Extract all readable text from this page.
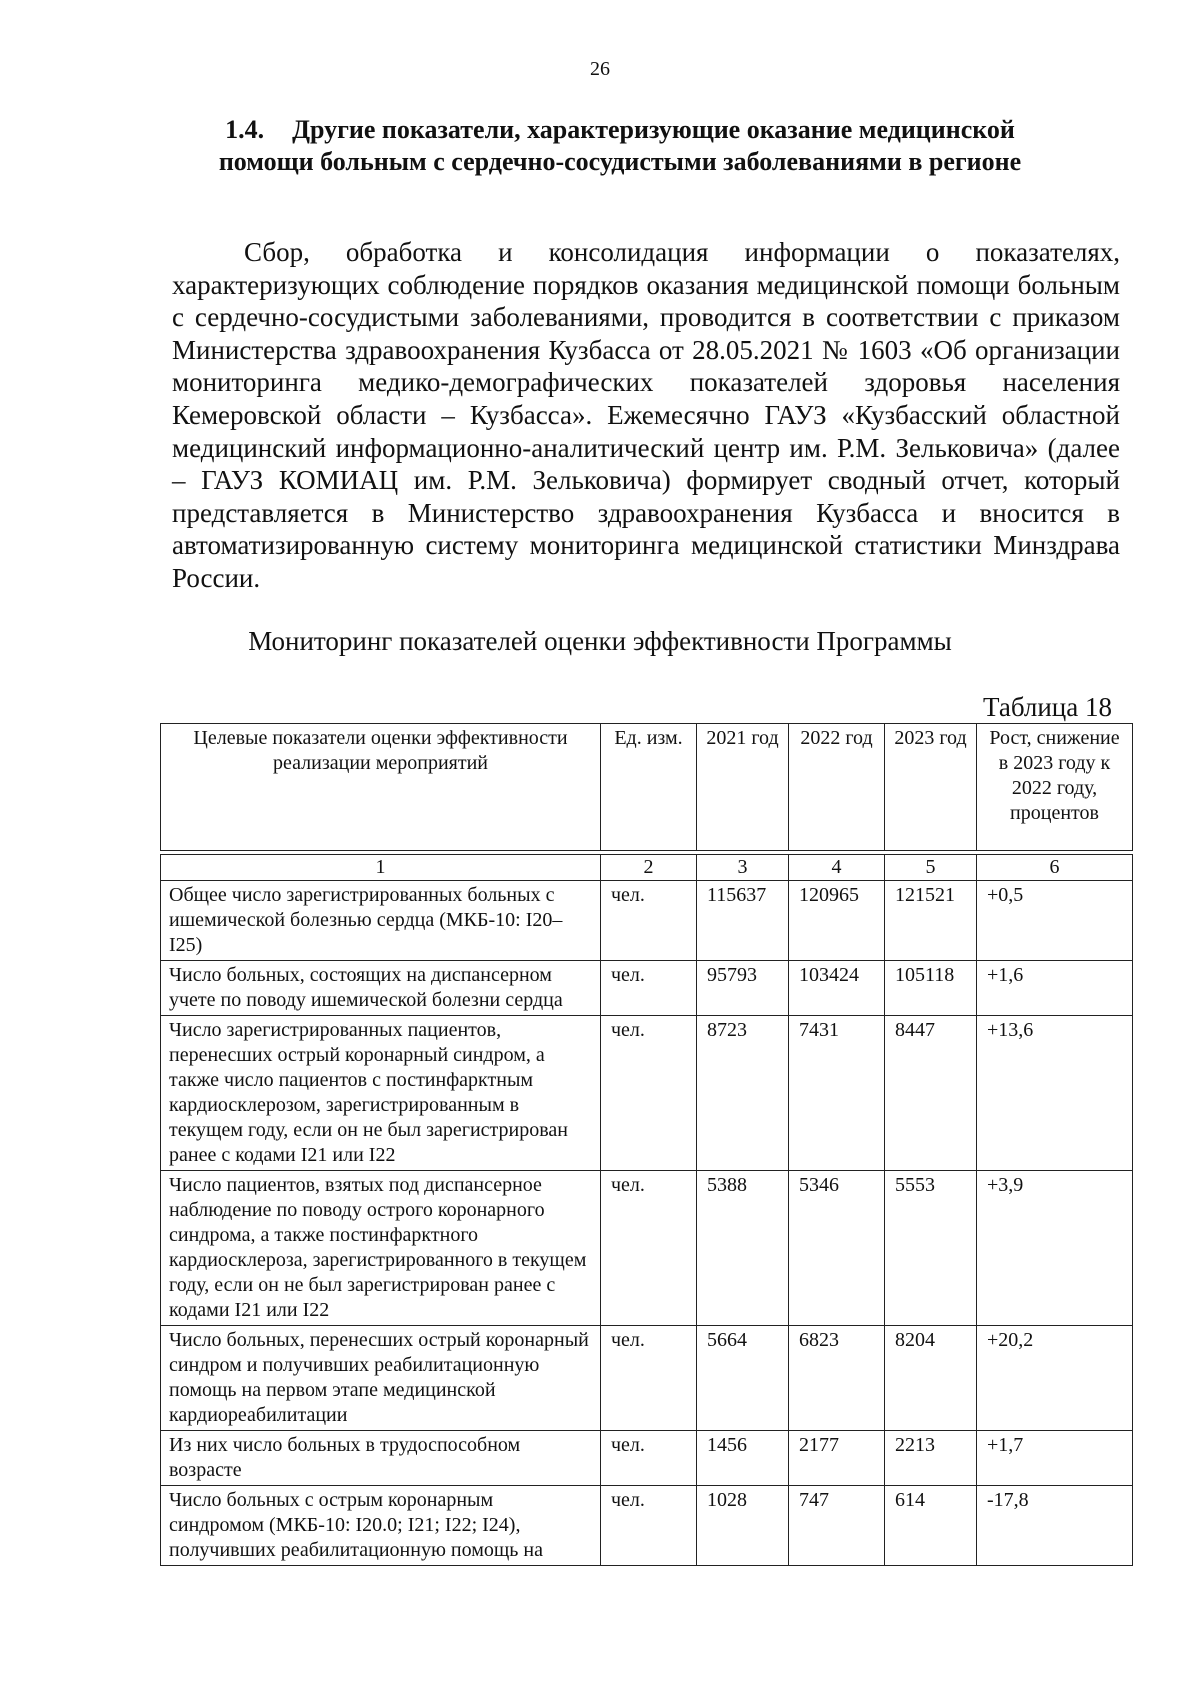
26
1.4. Другие показатели, характеризующие оказание медицинской
помощи больным с сердечно-сосудистыми заболеваниями в регионе

Сбор, обработка и консолидация информации о показателях, характеризующих соблюдение порядков оказания медицинской помощи больным с сердечно-сосудистыми заболеваниями, проводится в соответствии с приказом Министерства здравоохранения Кузбасса от 28.05.2021 № 1603 «Об организации мониторинга медико-демографических показателей здоровья населения Кемеровской области – Кузбасса». Ежемесячно ГАУЗ «Кузбасский областной медицинский информационно-аналитический центр им. Р.М. Зельковича» (далее – ГАУЗ КОМИАЦ им. Р.М. Зельковича) формирует сводный отчет, который представляется в Министерство здравоохранения Кузбасса и вносится в автоматизированную систему мониторинга медицинской статистики Минздрава России.

Мониторинг показателей оценки эффективности Программы
Таблица 18
Целевые показатели оценки эффективности реализации мероприятий	Ед. изм.	2021 год	2022 год	2023 год	Рост, снижение в 2023 году к 2022 году, процентов

1	2	3	4	5	6
Общее число зарегистрированных больных с ишемической болезнью сердца (МКБ-10: I20–I25)	чел.	115637	120965	121521	+0,5
Число больных, состоящих на диспансерном учете по поводу ишемической болезни сердца	чел.	95793	103424	105118	+1,6
Число зарегистрированных пациентов, перенесших острый коронарный синдром, а также число пациентов с постинфарктным кардиосклерозом, зарегистрированным в текущем году, если он не был зарегистрирован ранее с кодами I21 или I22	чел.	8723	7431	8447	+13,6
Число пациентов, взятых под диспансерное наблюдение по поводу острого коронарного синдрома, а также постинфарктного кардиосклероза, зарегистрированного в текущем году, если он не был зарегистрирован ранее с кодами I21 или I22	чел.	5388	5346	5553	+3,9
Число больных, перенесших острый коронарный синдром и получивших реабилитационную помощь на первом этапе медицинской кардиореабилитации	чел.	5664	6823	8204	+20,2
Из них число больных в трудоспособном возрасте	чел.	1456	2177	2213	+1,7
Число больных с острым коронарным синдромом (МКБ-10: I20.0; I21; I22; I24), получивших реабилитационную помощь на	чел.	1028	747	614	-17,8
